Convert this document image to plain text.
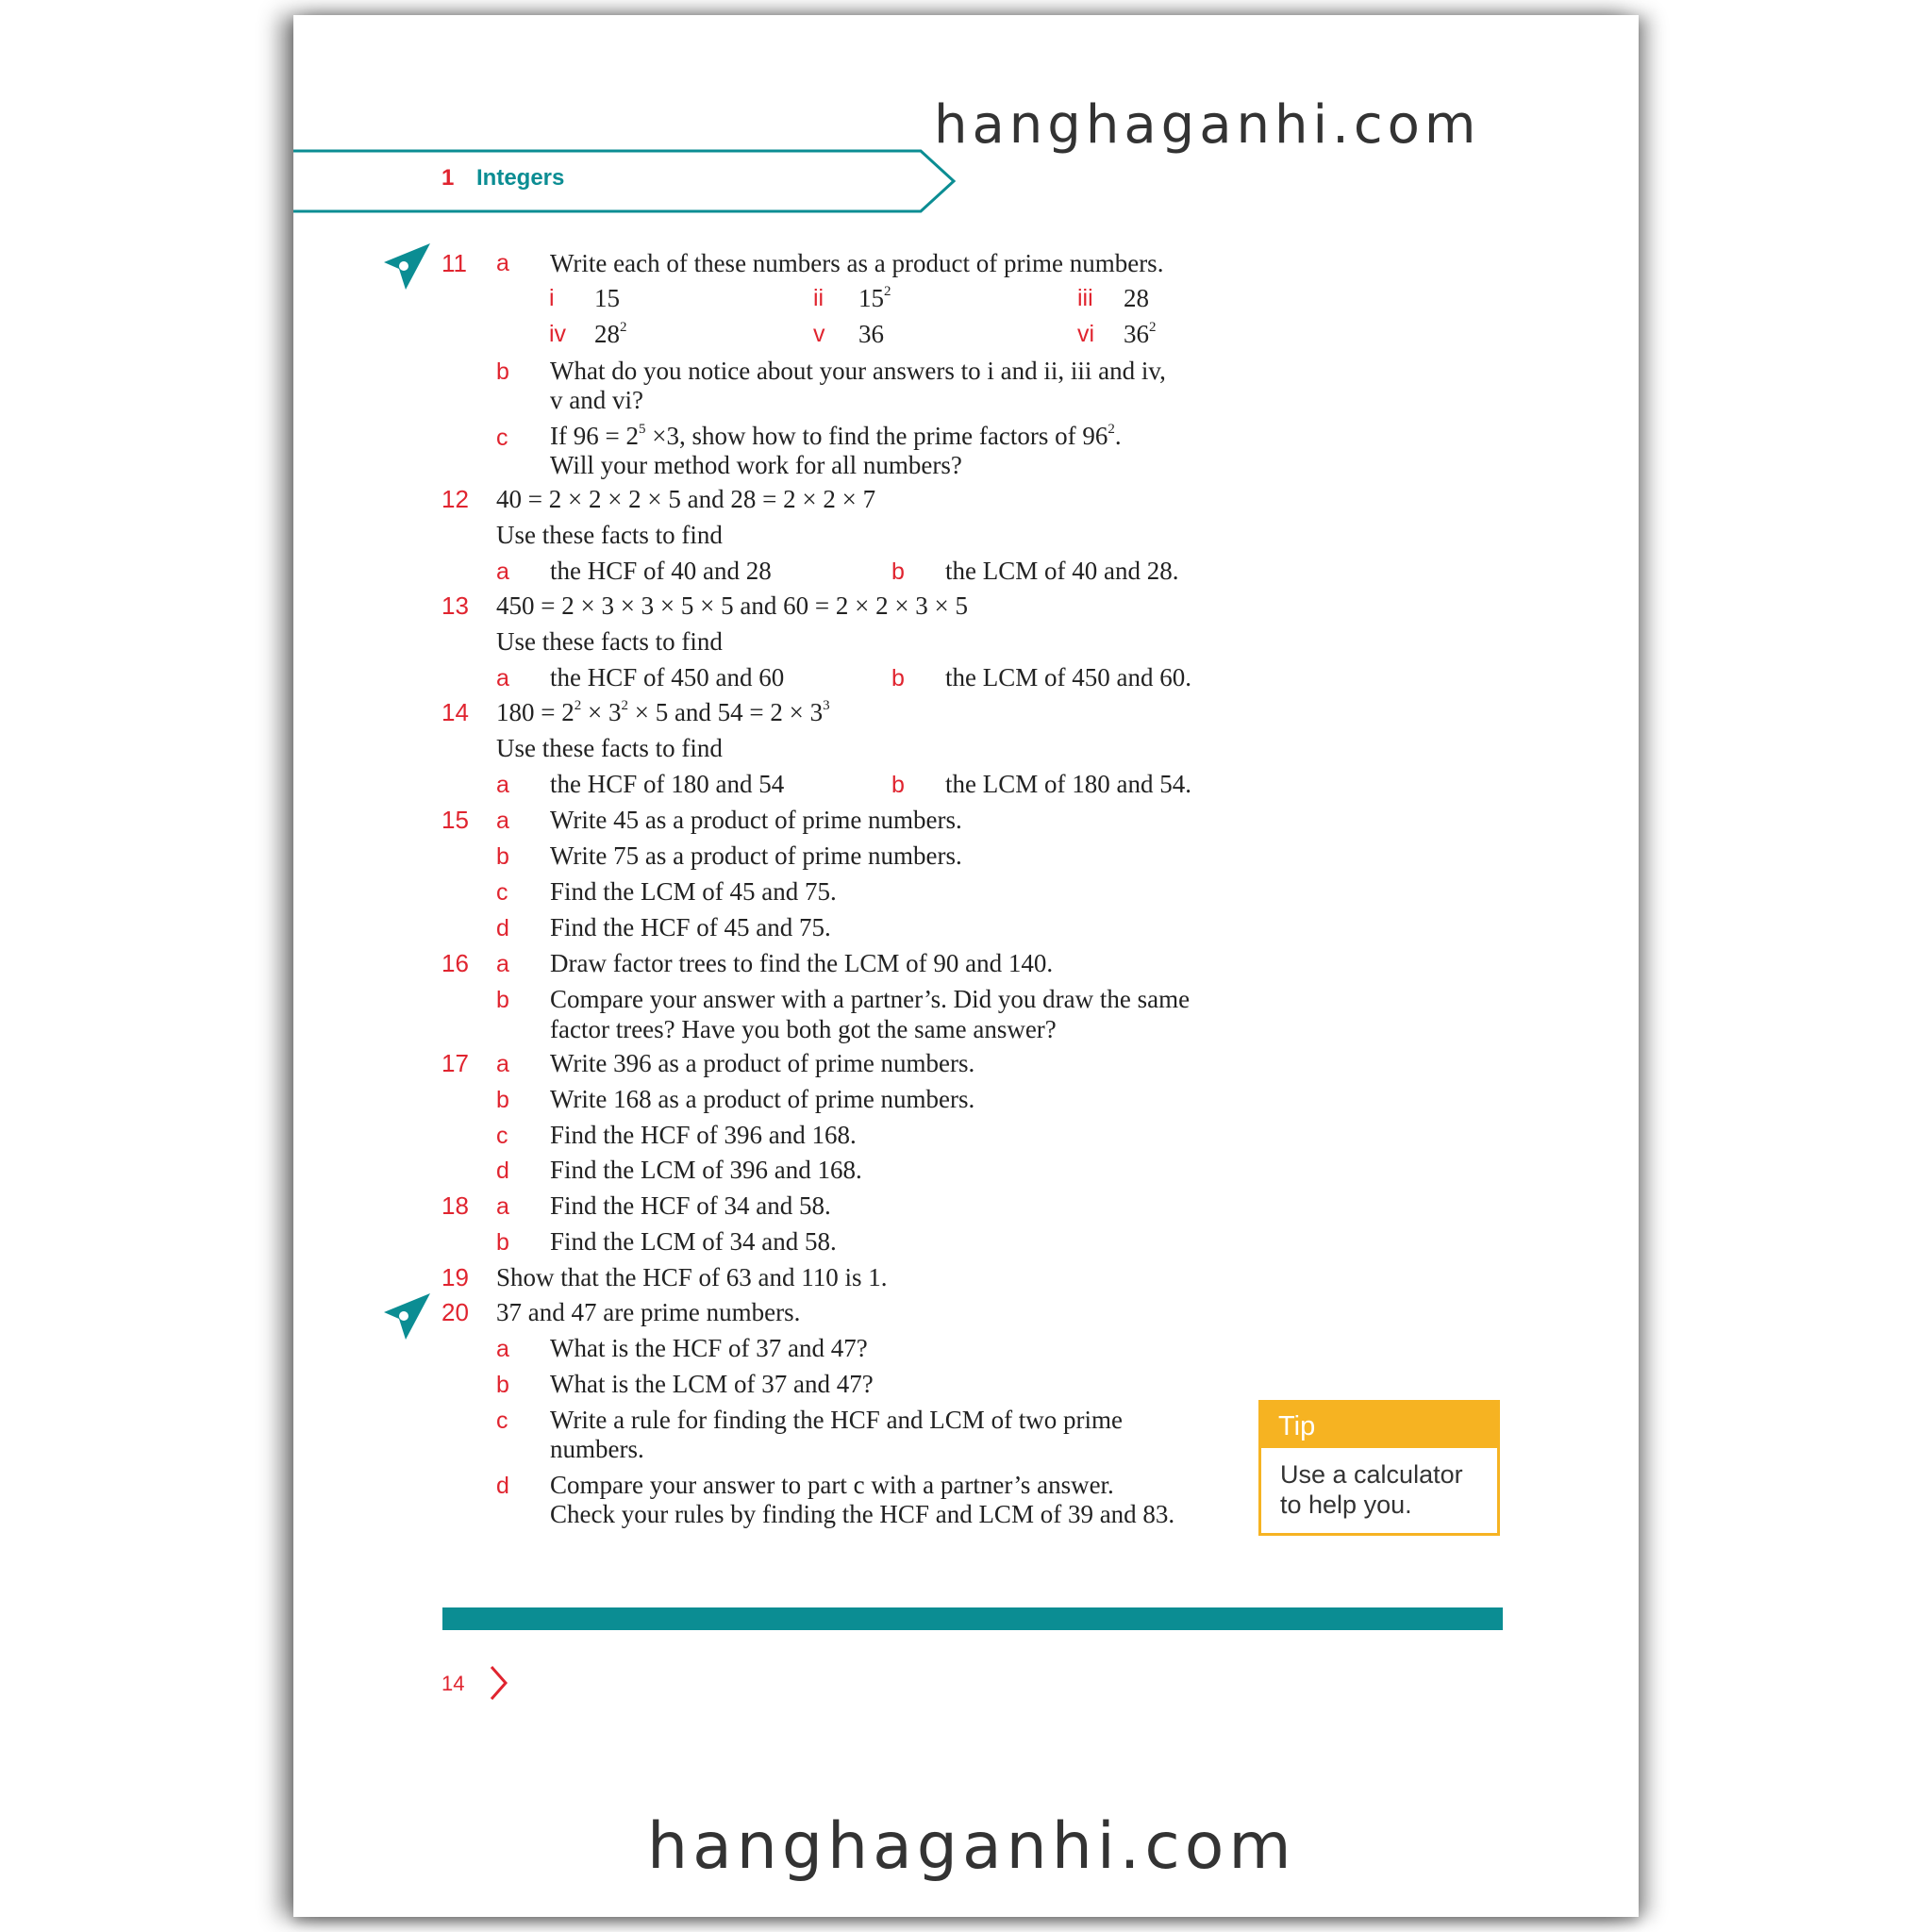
hanghaganhi.com
hanghaganhi.com
1 Integers
11 a Write each of these numbers as a product of prime numbers.
i 15	ii $15^2$	iii 28
iv $28^2$	v 36	vi $36^2$
b What do you notice about your answers to i and ii, iii and iv,
v and vi?
c If $96 = 2^5 \times 3$, show how to find the prime factors of $96^2$.
Will your method work for all numbers?
12 40 = 2 × 2 × 2 × 5 and 28 = 2 × 2 × 7
Use these facts to find
a the HCF of 40 and 28	b the LCM of 40 and 28.
13 450 = 2 × 3 × 3 × 5 × 5 and 60 = 2 × 2 × 3 × 5
Use these facts to find
a the HCF of 450 and 60	b the LCM of 450 and 60.
14 $180 = 2^2 \times 3^2 \times 5$ and $54 = 2 \times 3^3$
Use these facts to find
a the HCF of 180 and 54	b the LCM of 180 and 54.
15 a Write 45 as a product of prime numbers.
b Write 75 as a product of prime numbers.
c Find the LCM of 45 and 75.
d Find the HCF of 45 and 75.
16 a Draw factor trees to find the LCM of 90 and 140.
b Compare your answer with a partner’s. Did you draw the same
factor trees? Have you both got the same answer?
17 a Write 396 as a product of prime numbers.
b Write 168 as a product of prime numbers.
c Find the HCF of 396 and 168.
d Find the LCM of 396 and 168.
18 a Find the HCF of 34 and 58.
b Find the LCM of 34 and 58.
19 Show that the HCF of 63 and 110 is 1.
20 37 and 47 are prime numbers.
a What is the HCF of 37 and 47?
b What is the LCM of 37 and 47?
c Write a rule for finding the HCF and LCM of two prime
numbers.
d Compare your answer to part c with a partner’s answer.
Check your rules by finding the HCF and LCM of 39 and 83.
Tip
Use a calculator
to help you.
14
